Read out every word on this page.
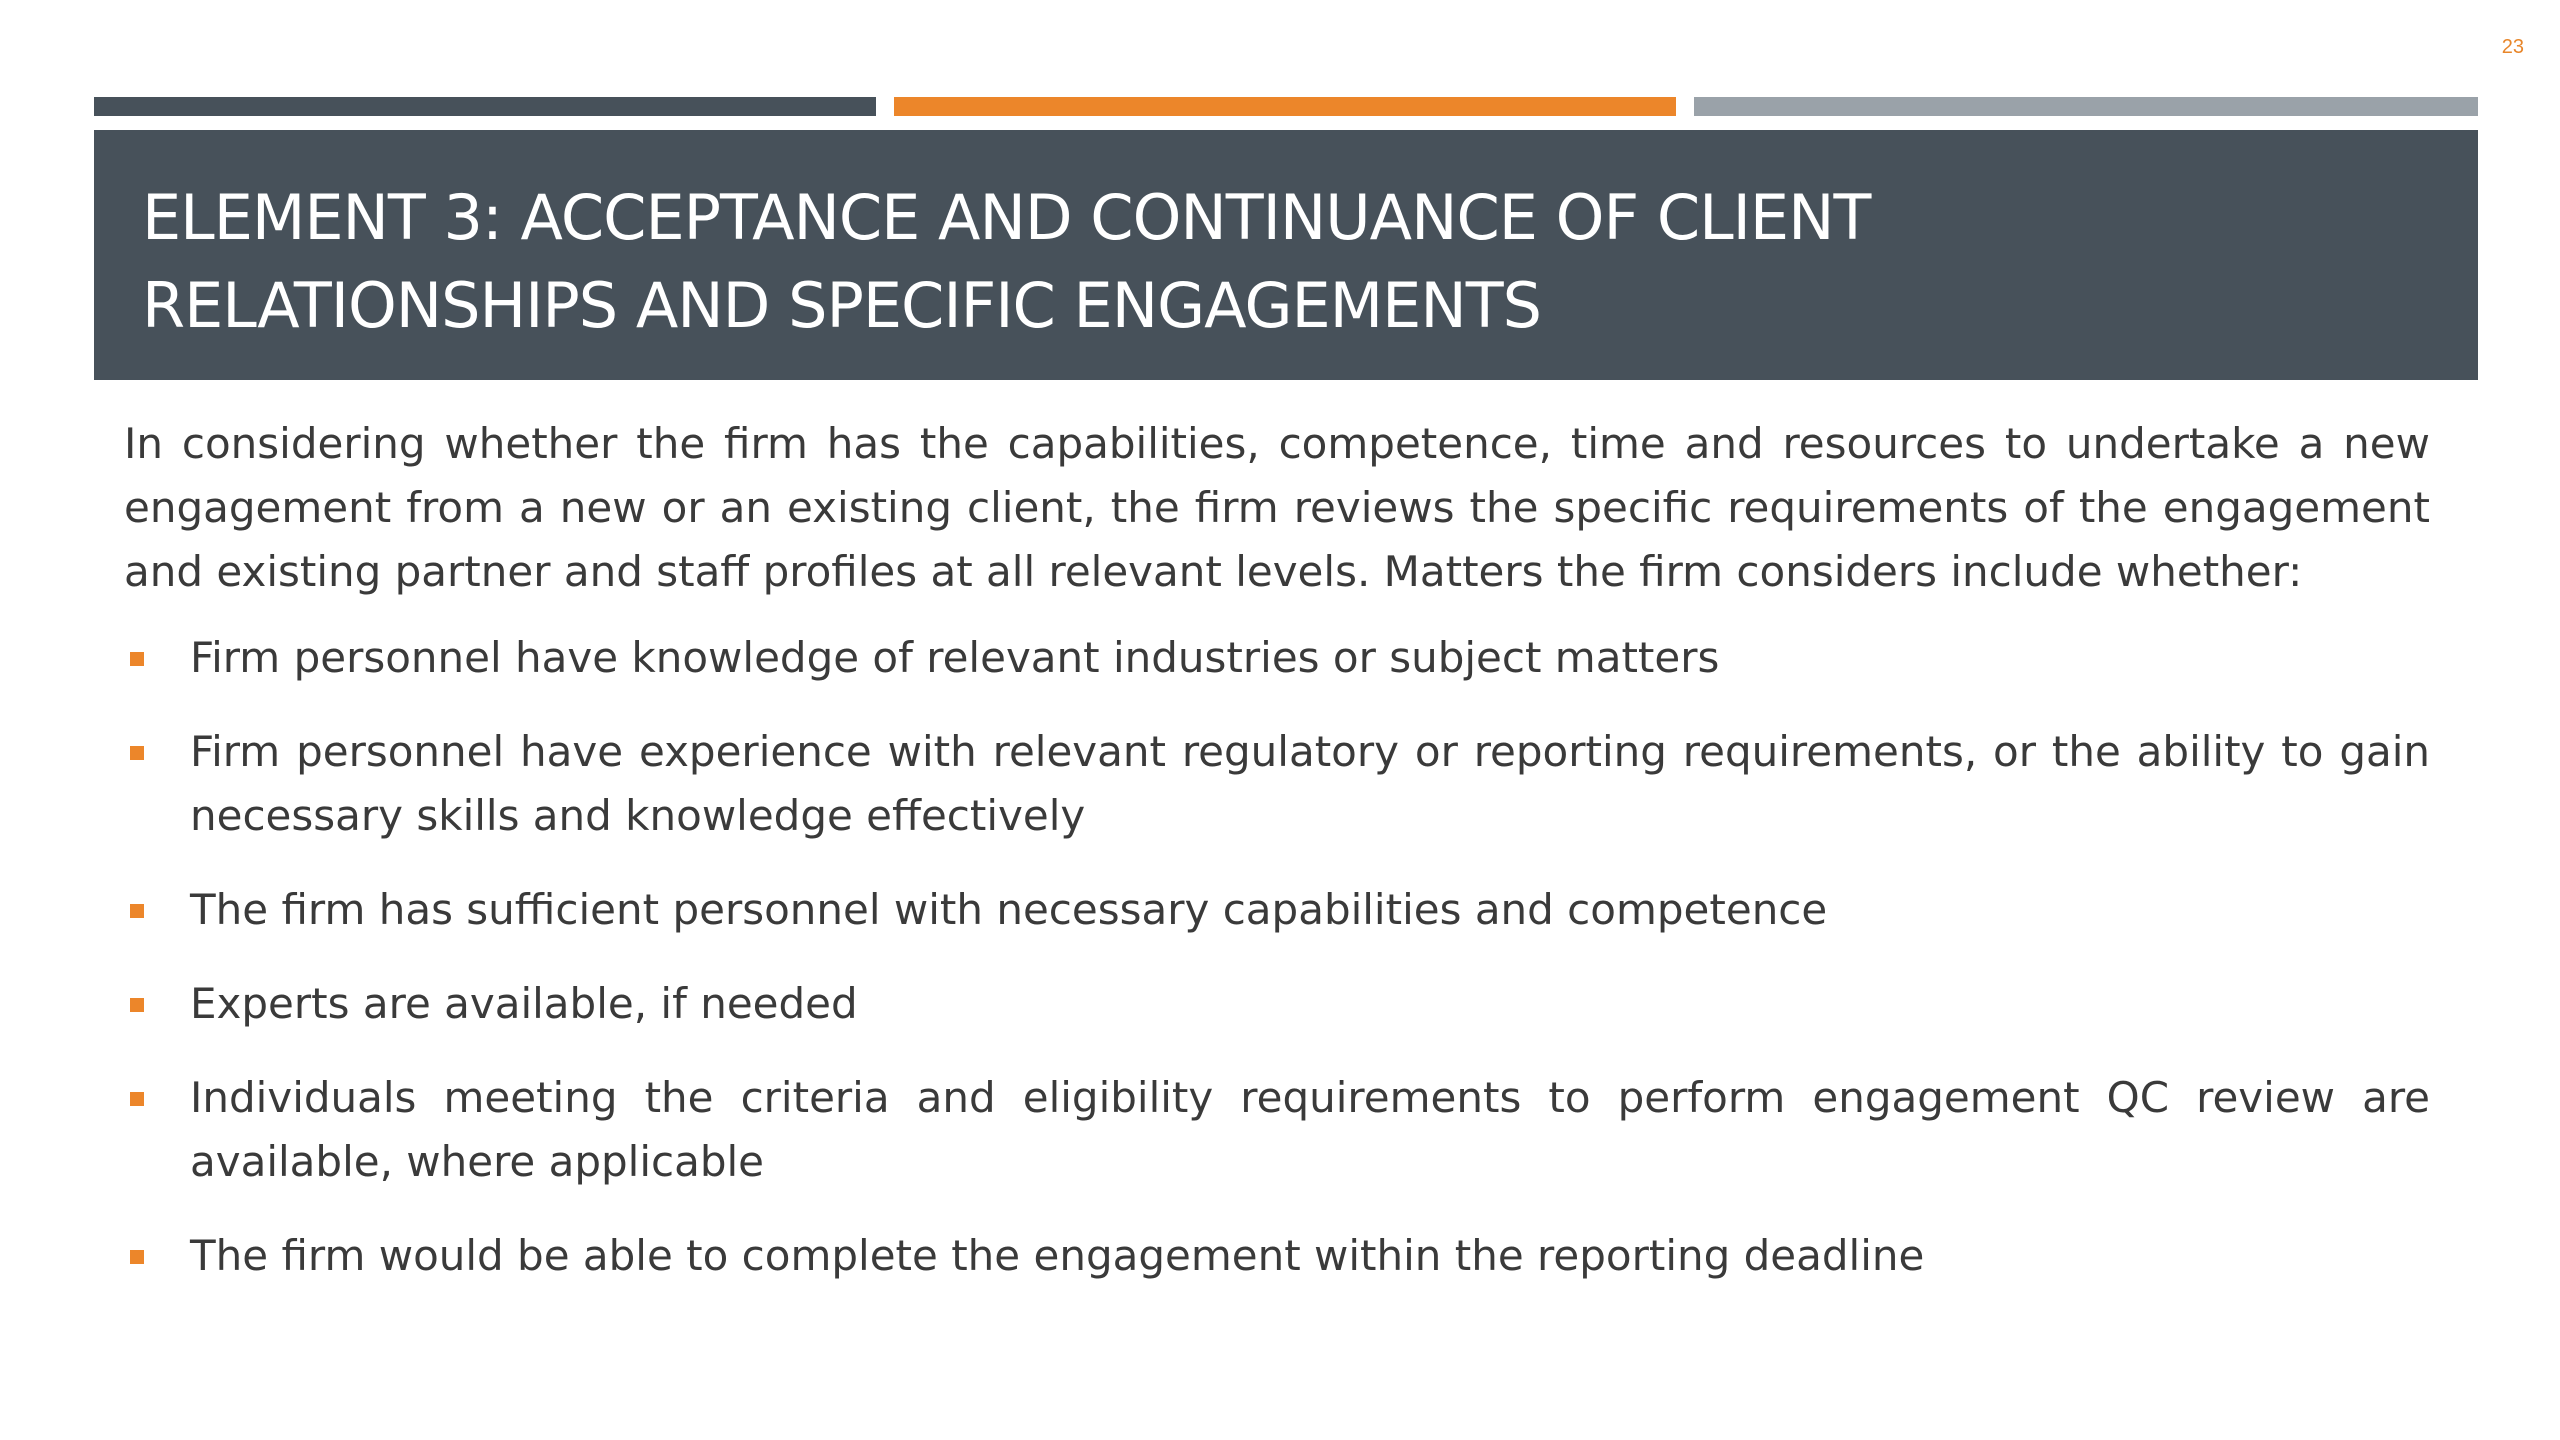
23
ELEMENT 3: ACCEPTANCE AND CONTINUANCE OF CLIENT
RELATIONSHIPS AND SPECIFIC ENGAGEMENTS

In considering whether the firm has the capabilities, competence, time and resources to undertake a new engagement from a new or an existing client, the firm reviews the specific requirements of the engagement and existing partner and staff profiles at all relevant levels. Matters the firm considers include whether:

Firm personnel have knowledge of relevant industries or subject matters
Firm personnel have experience with relevant regulatory or reporting requirements, or the ability to gain necessary skills and knowledge effectively
The firm has sufficient personnel with necessary capabilities and competence
Experts are available, if needed
Individuals meeting the criteria and eligibility requirements to perform engagement QC review are available, where applicable
The firm would be able to complete the engagement within the reporting deadline
